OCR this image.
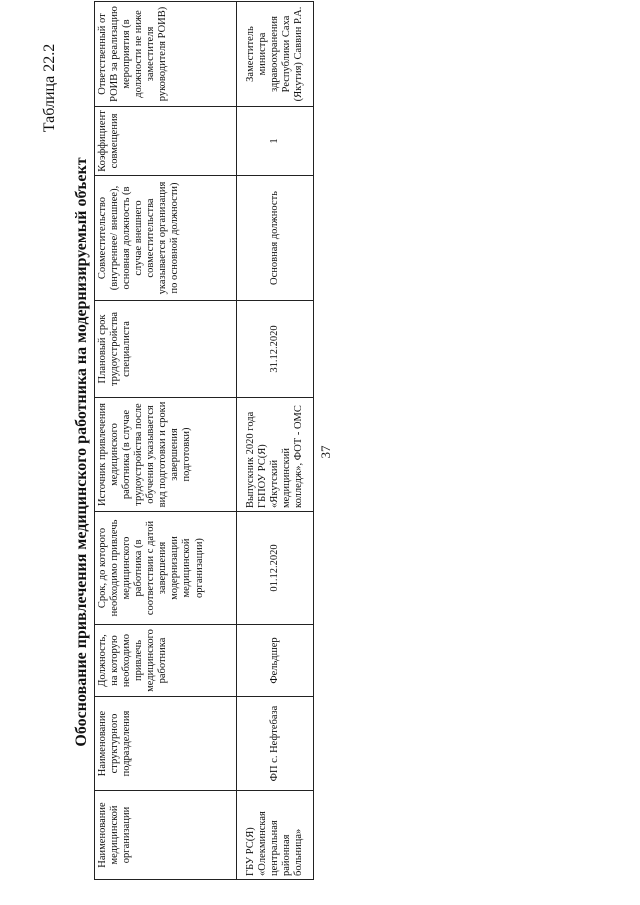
37
Таблица 22.2
Обоснование привлечения медицинского работника на модернизируемый объект
Наименование медицинской организации	Наименование структурного подразделения	Должность, на которую необходимо привлечь медицинского работника	Срок, до которого необходимо привлечь медицинского работника (в соответствии с датой завершения модернизации медицинской организации)	Источник привлечения медицинского работника (в случае трудоустройства после обучения указывается вид подготовки и сроки завершения подготовки)	Плановый срок трудоустройства специалиста	Совместительство (внутреннее/ внешнее), основная должность (в случае внешнего совместительства указывается организация по основной должности)	Коэффициент совмещения	Ответственный от РОИВ за реализацию мероприятия (в должности не ниже заместителя руководителя РОИВ)
ГБУ РС(Я) «Олекминская центральная районная больница»	ФП с. Нефтебаза	Фельдшер	01.12.2020	Выпускник 2020 года ГБПОУ РС(Я) «Якутский медицинский колледж», ФОТ - ОМС	31.12.2020	Основная должность	1	Заместитель министра здравоохранения Республики Саха (Якутия) Саввин Р.А.
